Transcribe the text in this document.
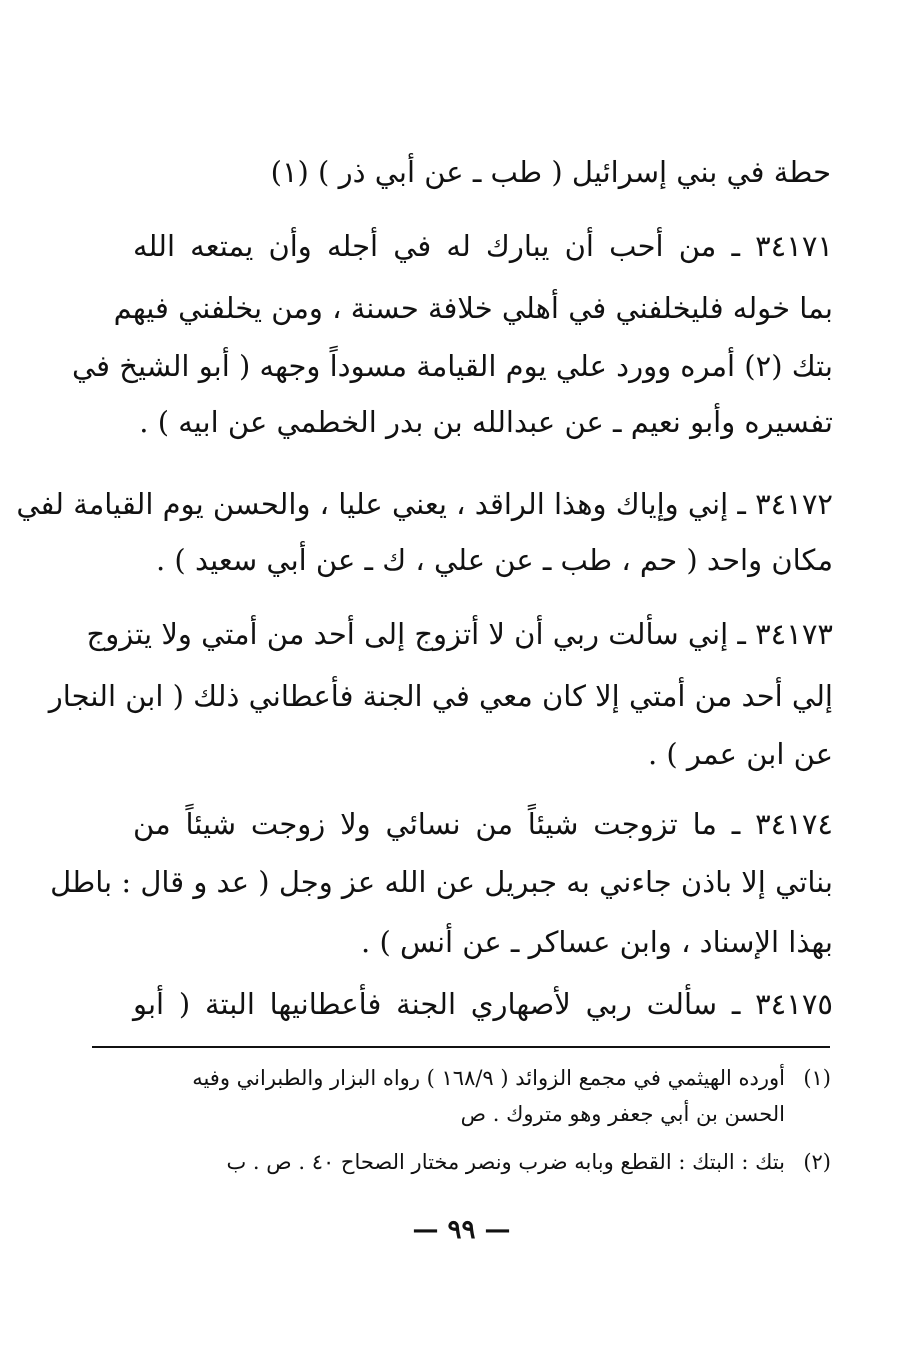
حطة في بني إسرائيل ( طب ـ عن أبي ذر ) (١)
٣٤١٧١ ـ من أحب أن يبارك له في أجله وأن يمتعه الله
بما خوله فليخلفني في أهلي خلافة حسنة ، ومن يخلفني فيهم
بتك (٢) أمره وورد علي يوم القيامة مسوداً وجهه ( أبو الشيخ في
تفسيره وأبو نعيم ـ عن عبدالله بن بدر الخطمي عن ابيه ) .
٣٤١٧٢ ـ إني وإياك وهذا الراقد ، يعني عليا ، والحسن يوم القيامة لفي
مكان واحد ( حم ، طب ـ عن علي ، ك ـ عن أبي سعيد ) .
٣٤١٧٣ ـ إني سألت ربي أن لا أتزوج إلى أحد من أمتي ولا يتزوج
إلي أحد من أمتي إلا كان معي في الجنة فأعطاني ذلك ( ابن النجار
عن ابن عمر ) .
٣٤١٧٤ ـ ما تزوجت شيئاً من نسائي ولا زوجت شيئاً من
بناتي إلا باذن جاءني به جبريل عن الله عز وجل ( عد و قال : باطل
بهذا الإسناد ، وابن عساكر ـ عن أنس ) .
٣٤١٧٥ ـ سألت ربي لأصهاري الجنة فأعطانيها البتة ( أبو
(١)أورده الهيثمي في مجمع الزوائد ( ١٦٨/٩ ) رواه البزار والطبراني وفيه
الحسن بن أبي جعفر وهو متروك . ص
(٢)بتك : البتك : القطع وبابه ضرب ونصر مختار الصحاح ٤٠ . ص . ب
— ٩٩ —
